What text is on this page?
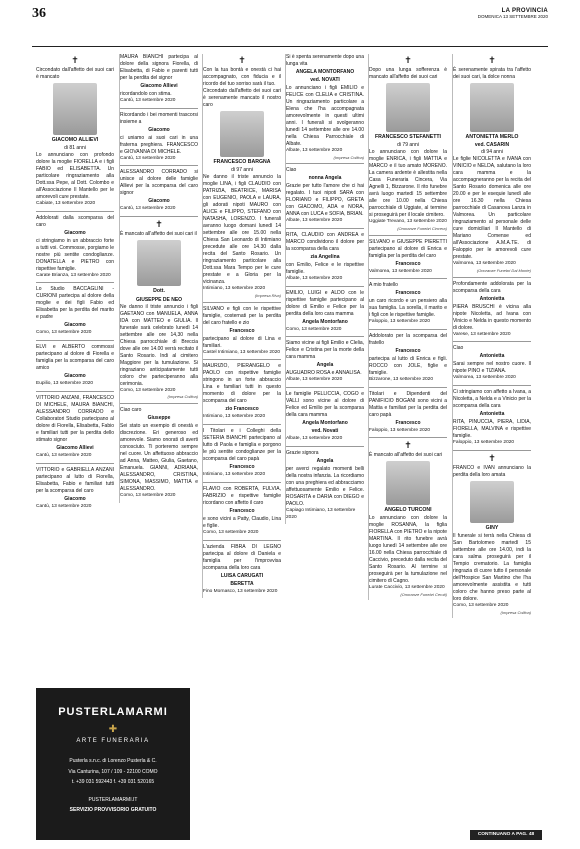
36	LA PROVINCIA
DOMENICA 13 SETTEMBRE 2020
✝
Circondato dall'affetto dei suoi cari è mancato
GIACOMO ALLIEVI
di 81 anni
Lo annunciano con profondo dolore la moglie FIORELLA e i figli FABIO ed ELISABETTA. Un particolare ringraziamento alla Dott.ssa Pepe, al Dott. Colombo e all'Associazione Il Mantello per le amorevoli cure prestate.
Cabiate, 13 settembre 2020
Addolorati dalla scomparsa del caro
Giacomo
ci stringiamo in un abbraccio forte a tutti voi. Commosse, porgiamo le nostre più sentite condoglianze. DONATELLA e PIETRO con rispettive famiglie.
Carate Brianza, 13 settembre 2020
Lo Studio BACCAGLINI - CURIONI partecipa al dolore della moglie e dei figli Fabio ed Elisabetta per la perdita del marito e padre
Giacomo
Como, 13 settembre 2020
ELVI e ALBERTO commossi partecipano al dolore di Fiorella e famiglia per la scomparsa del caro amico
Giacomo
Eupilio, 13 settembre 2020
VITTORIO ANZANI, FRANCESCO DI MICHELE, MAURA BIANCHI, ALESSANDRO CORRADO e Collaboratori Studio partecipano al dolore di Fiorella, Elisabetta, Fabio e familiari tutti per la perdita dello stimato signor
Giacomo Allievi
Cantù, 13 settembre 2020
VITTORIO e GABRIELLA ANZANI partecipano al lutto di Fiorella, Elisabetta, Fabio e familiari tutti per la scomparsa del caro
Giacomo
Cantù, 13 settembre 2020
MAURA BIANCHI partecipa al dolore della signora Fiorella, di Elisabetta, di Fabio e parenti tutti per la perdita del signor
Giacomo Allievi
ricordandolo con stima.
Cantù, 13 settembre 2020
Ricordando i bei momenti trascorsi insieme a
Giacomo
ci uniamo ai suoi cari in una fraterna preghiera. FRANCESCO e GIOVANNA DI MICHELE.
Cantù, 13 settembre 2020
ALESSANDRO CORRADO si unisce al dolore delle famiglie Allievi per la scomparsa del caro signor
Giacomo
Cantù, 13 settembre 2020
✝
È mancato all'affetto dei suoi cari il
Dott.
GIUSEPPE DE NEO
Ne danno il triste annuncio i figli GAETANO con MANUELA, ANNA IDA con MATTEO e GIULIA. Il funerale sarà celebrato lunedì 14 settembre alle ore 14,30 nella Chiesa parrocchiale di Breccia dove alle ore 14.00 verrà recitato il Santo Rosario. Indi al cimitero Maggiore per la tumulazione. Si ringraziano anticipatamente tutti coloro che parteciperanno alla cerimonia.
Como, 13 settembre 2020
(Impresa Collina)
Ciao caro
Giuseppe
Sei stato un esempio di onestà e discrezione. Eri generoso ed amorevole. Siamo onorati di averti conosciuto. Ti porteremo sempre nel cuore. Un affettuoso abbraccio ad Anna, Matteo, Giulia, Gaetano, Emanuela. GIANNI, ADRIANA, ALESSANDRO, CRISTINA, SIMONA, MASSIMO, MATTIA e ALESSANDRO.
Como, 13 settembre 2020
✝
Con la tua bontà e onestà ci hai accompagnato, con fiducia e il ricordo del tuo sorriso sarà il tuo.
Circondato dall'affetto dei suoi cari è serenamente mancato il nostro caro
FRANCESCO BARGNA
di 97 anni
Ne danno il triste annuncio la moglie LINA, i figli CLAUDIO con PATRIZIA, BEATRICE, MARISA con EUGENIO, PAOLA e LAURA, gli adorati nipoti MAURO con ALICE e FILIPPO, STEFANO con NATASHA, LORENZO. I funerali avranno luogo domani lunedì 14 settembre alle ore 15.00 nella Chiesa San Leonardo di Intimiano precedute alle ore 14.30 dalla recita del Santo Rosario. Un ringraziamento particolare alla Dott.ssa Mara Tempo per le cure prestate e a Gloria per la vicinanza.
Intimiano, 13 settembre 2020
(Impresa Riva)
SILVANO e figli con le rispettive famiglie, costernati per la perdita del caro fratello e zio
Francesco
partecipano al dolore di Lina e familiari.
Castel Intimiano, 13 settembre 2020
MAURIZIO, PIERANGELO e PAOLO con rispettive famiglie stringono in un forte abbraccio Lina e familiari tutti in questo momento di dolore per la scomparsa del caro
zio Francesco
Intimiano, 13 settembre 2020
I Titolari e i Colleghi della SETERIA BIANCHI partecipano al lutto di Paola e famiglia e porgono le più sentite condoglianze per la scomparsa del caro papà
Francesco
Intimiano, 13 settembre 2020
FLAVIO con ROBERTA, FULVIA, FABRIZIO e rispettive famiglie ricordano con affetto il caro
Francesco
e sono vicini a Patty, Claudio, Lina e figlie.
Como, 13 settembre 2020
L'azienda FIBRA DI LEGNO partecipa al dolore di Daniela e famiglia per l'improvvisa scomparsa della loro cara
LUISA CARUGATI
BERETTA
Fino Mornasco, 13 settembre 2020
Si è spenta serenamente dopo una lunga vita
ANGELA MONTORFANO
ved. NOVATI
Lo annunciano i figli EMILIO e FELICE con CLELIA e CRISTINA. Un ringraziamento particolare a Elena che l'ha accompagnata amorevolmente in questi ultimi anni. I funerali si svolgeranno lunedì 14 settembre alle ore 14.00 nella Chiesa Parrocchiale di Albate.
Albate, 13 settembre 2020
(Impresa Collina)
Ciao
nonna Angela
Grazie per tutto l'amore che ci hai regalato. I tuoi nipoti SARA con FLORIANO e FILIPPO, GRETA con GIACOMO, ADA e NORA, ANNA con LUCA e SOFIA, BRIAN.
Albate, 13 settembre 2020
RITA, CLAUDIO con ANDREA e MARCO condividono il dolore per la scomparsa della cara
zia Angelina
con Emilio, Felice e le rispettive famiglie.
Albate, 13 settembre 2020
EMILIO, LUIGI e ALDO con le rispettive famiglie partecipano al dolore di Emilio e Felice per la perdita della loro cara mamma
Angela Montorfano
Como, 13 settembre 2020
Siamo vicine ai figli Emilio e Clelia, Felice e Cristina per la morte della cara mamma
Angela
AUGUADRO ROSA e ANNALISA.
Albate, 13 settembre 2020
Le famiglie PELLICCIA, COGO e VALLI sono vicine al dolore di Felice ed Emilio per la scomparsa della cara mamma
Angela Montorfano
ved. Novati
Albate, 13 settembre 2020
Grazie signora
Angela
per averci regalato momenti belli della nostra infanzia. La ricordiamo con una preghiera ed abbracciamo affettuosamente Emilio e Felice. ROSARITA e DARIA con DIEGO e PAOLO.
Capiago Intimiano, 13 settembre 2020
✝
Dopo una lunga sofferenza è mancato all'affetto dei suoi cari
FRANCESCO STEFANETTI
di 79 anni
Lo annunciano con dolore la moglie ENRICA, i figli MATTIA e MARCO e il tuo amato MORENO. La camera ardente è allestita nella Casa Funeraria Cincera, Via Agnelli 1, Bizzarone. Il rito funebre avrà luogo martedì 15 settembre alle ore 10.00 nella Chiesa parrocchiale di Uggiate, al termine si proseguirà per il locale cimitero.
Uggiate Trevano, 13 settembre 2020
(Onoranze Funebri Cincera)
SILVANO e GIUSEPPE PIERETTI partecipano al dolore di Enrica e famiglia per la perdita del caro
Francesco
Valmorea, 13 settembre 2020
A mio fratello
Francesco
un caro ricordo e un pensiero alla sua famiglia. La sorella, il marito e i figli con le rispettive famiglie.
Faloppio, 13 settembre 2020
Addolorato per la scomparsa del fratello
Francesco
partecipa al lutto di Enrica e figli. ROCCO con JOLE, figlie e famiglie.
Bizzarone, 13 settembre 2020
Titolari e Dipendenti del PANIFICIO BOGANI sono vicini a Mattia e familiari per la perdita del caro papà
Francesco
Faloppio, 13 settembre 2020
✝
È mancato all'affetto dei suoi cari
ANGELO TURCONI
Lo annunciano con dolore la moglie ROSANNA, la figlia FIORELLA con PIETRO e la nipote MARTINA. Il rito funebre avrà luogo lunedì 14 settembre alle ore 16.00 nella Chiesa parrocchiale di Caccivio, preceduto dalla recita del Santo Rosario. Al termine si proseguirà per la tumulazione nel cimitero di Cagno.
Lurate Caccivio, 13 settembre 2020
(Onoranze Funebri Ceruti)
✝
È serenamente spirata tra l'affetto dei suoi cari, la dolce nonna
ANTONIETTA MERLO
ved. CASARIN
di 94 anni
Le figlie NICOLETTA e IVANA con VINICIO e NELDA, salutano la loro cara mamma e la accompagneranno per la recita del Santo Rosario domenica alle ore 20.00 e per le esequie lunedì alle ore 16.30 nella Chiesa parrocchiale di Casanova Lanza in Valmorea. Un particolare ringraziamento al personale delle cure domiciliari Il Mantello di Mariano Comense ed all'Associazione A.M.A.TE. di Faloppio per le amorevoli cure prestate.
Valmorea, 13 settembre 2020
(Onoranze Funebri Dal Monte)
Profondamente addolorata per la scomparsa della cara
Antonietta
PIERA BRUSCHI è vicina alla nipote Nicoletta, ad Ivana con Vinicio e Nelda in questo momento di dolore.
Varese, 13 settembre 2020
Ciao
Antonietta
Sarai sempre nel nostro cuore. Il nipote PINO e TIZIANA.
Valmorea, 13 settembre 2020
Ci stringiamo con affetto a Ivana, a Nicoletta, a Nelda e a Vinicio per la scomparsa della cara
Antonietta
RITA, PINUCCIA, PIERA, LIDIA, FIORELLA, MALVINA e rispettive famiglie.
Faloppio, 13 settembre 2020
✝
FRANCO e IVAN annunciano la perdita della loro amata
GINY
Il funerale si terrà nella Chiesa di San Bartolomeo martedì 15 settembre alle ore 14.00, indi la cara salma proseguirà per il Tempio crematorio. La famiglia ringrazia di cuore tutto il personale dell'Hospice San Martino che l'ha amorevolmente assistita e tutti coloro che hanno preso parte al loro dolore.
Como, 13 settembre 2020
(Impresa Collina)
PUSTERLAMARMI
✚
ARTE FUNERARIA
Pusterla s.n.c. di Lorenzo Pusterla & C.
Via Canturina, 107 / 109 - 22100 COMO
t. +39 031 592443 f. +39 031 520165
PUSTERLAMARMI.IT
SERVIZIO PROVVISORIO GRATUITO
CONTINUANO A PAG. 48
